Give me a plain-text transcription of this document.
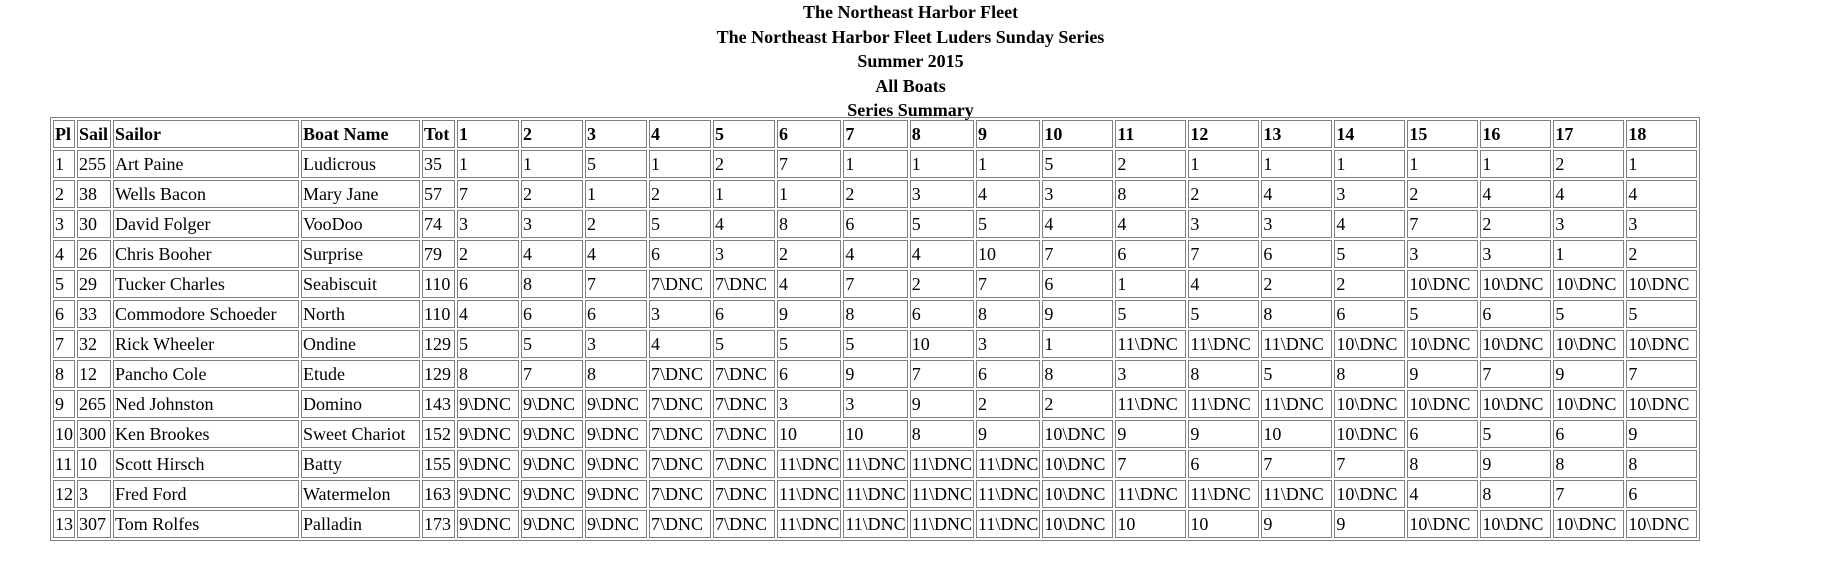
The Northeast Harbor Fleet
The Northeast Harbor Fleet Luders Sunday Series
Summer 2015
All Boats
Series Summary
Pl	Sail	Sailor	Boat Name	Tot	1	2	3	4	5	6	7	8	9	10	11	12	13	14	15	16	17	18
1	255	Art Paine	Ludicrous	35	1	1	5	1	2	7	1	1	1	5	2	1	1	1	1	1	2	1
2	38	Wells Bacon	Mary Jane	57	7	2	1	2	1	1	2	3	4	3	8	2	4	3	2	4	4	4
3	30	David Folger	VooDoo	74	3	3	2	5	4	8	6	5	5	4	4	3	3	4	7	2	3	3
4	26	Chris Booher	Surprise	79	2	4	4	6	3	2	4	4	10	7	6	7	6	5	3	3	1	2
5	29	Tucker Charles	Seabiscuit	110	6	8	7	7\DNC	7\DNC	4	7	2	7	6	1	4	2	2	10\DNC	10\DNC	10\DNC	10\DNC
6	33	Commodore Schoeder	North	110	4	6	6	3	6	9	8	6	8	9	5	5	8	6	5	6	5	5
7	32	Rick Wheeler	Ondine	129	5	5	3	4	5	5	5	10	3	1	11\DNC	11\DNC	11\DNC	10\DNC	10\DNC	10\DNC	10\DNC	10\DNC
8	12	Pancho Cole	Etude	129	8	7	8	7\DNC	7\DNC	6	9	7	6	8	3	8	5	8	9	7	9	7
9	265	Ned Johnston	Domino	143	9\DNC	9\DNC	9\DNC	7\DNC	7\DNC	3	3	9	2	2	11\DNC	11\DNC	11\DNC	10\DNC	10\DNC	10\DNC	10\DNC	10\DNC
10	300	Ken Brookes	Sweet Chariot	152	9\DNC	9\DNC	9\DNC	7\DNC	7\DNC	10	10	8	9	10\DNC	9	9	10	10\DNC	6	5	6	9
11	10	Scott Hirsch	Batty	155	9\DNC	9\DNC	9\DNC	7\DNC	7\DNC	11\DNC	11\DNC	11\DNC	11\DNC	10\DNC	7	6	7	7	8	9	8	8
12	3	Fred Ford	Watermelon	163	9\DNC	9\DNC	9\DNC	7\DNC	7\DNC	11\DNC	11\DNC	11\DNC	11\DNC	10\DNC	11\DNC	11\DNC	11\DNC	10\DNC	4	8	7	6
13	307	Tom Rolfes	Palladin	173	9\DNC	9\DNC	9\DNC	7\DNC	7\DNC	11\DNC	11\DNC	11\DNC	11\DNC	10\DNC	10	10	9	9	10\DNC	10\DNC	10\DNC	10\DNC
